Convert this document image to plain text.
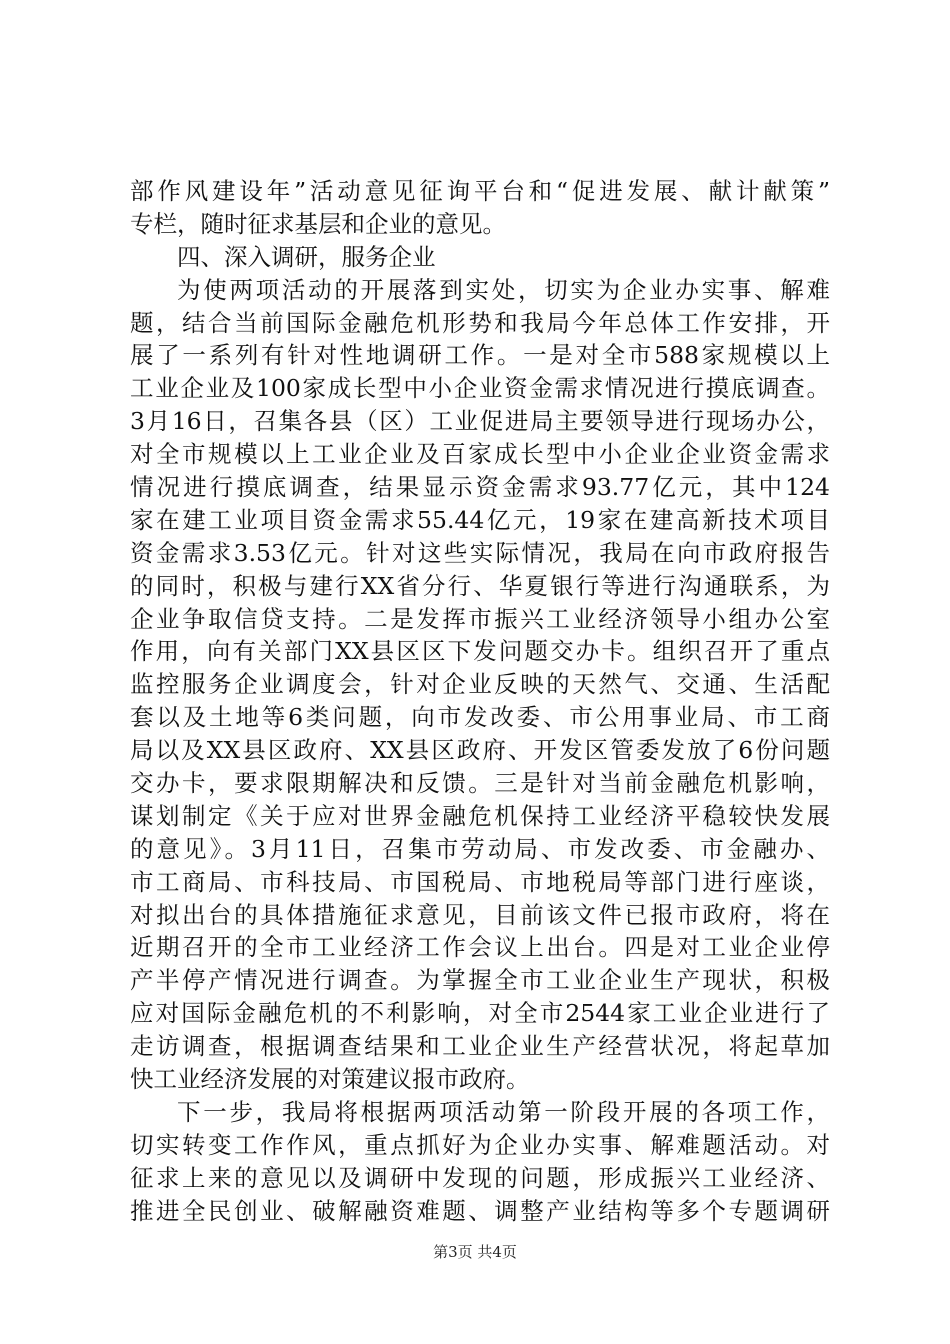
部作风建设年”活动意见征询平台和“促进发展、献计献策”
专栏，随时征求基层和企业的意见。
四、深入调研，服务企业
为使两项活动的开展落到实处，切实为企业办实事、解难
题，结合当前国际金融危机形势和我局今年总体工作安排，开
展了一系列有针对性地调研工作。一是对全市588家规模以上
工业企业及100家成长型中小企业资金需求情况进行摸底调查。
3月16日，召集各县（区）工业促进局主要领导进行现场办公，
对全市规模以上工业企业及百家成长型中小企业企业资金需求
情况进行摸底调查，结果显示资金需求93.77亿元，其中124
家在建工业项目资金需求55.44亿元，19家在建高新技术项目
资金需求3.53亿元。针对这些实际情况，我局在向市政府报告
的同时，积极与建行XX省分行、华夏银行等进行沟通联系，为
企业争取信贷支持。二是发挥市振兴工业经济领导小组办公室
作用，向有关部门XX县区区下发问题交办卡。组织召开了重点
监控服务企业调度会，针对企业反映的天然气、交通、生活配
套以及土地等6类问题，向市发改委、市公用事业局、市工商
局以及XX县区政府、XX县区政府、开发区管委发放了6份问题
交办卡，要求限期解决和反馈。三是针对当前金融危机影响，
谋划制定《关于应对世界金融危机保持工业经济平稳较快发展
的意见》。3月11日，召集市劳动局、市发改委、市金融办、
市工商局、市科技局、市国税局、市地税局等部门进行座谈，
对拟出台的具体措施征求意见，目前该文件已报市政府，将在
近期召开的全市工业经济工作会议上出台。四是对工业企业停
产半停产情况进行调查。为掌握全市工业企业生产现状，积极
应对国际金融危机的不利影响，对全市2544家工业企业进行了
走访调查，根据调查结果和工业企业生产经营状况，将起草加
快工业经济发展的对策建议报市政府。
下一步，我局将根据两项活动第一阶段开展的各项工作，
切实转变工作作风，重点抓好为企业办实事、解难题活动。对
征求上来的意见以及调研中发现的问题，形成振兴工业经济、
推进全民创业、破解融资难题、调整产业结构等多个专题调研
第3页 共4页
